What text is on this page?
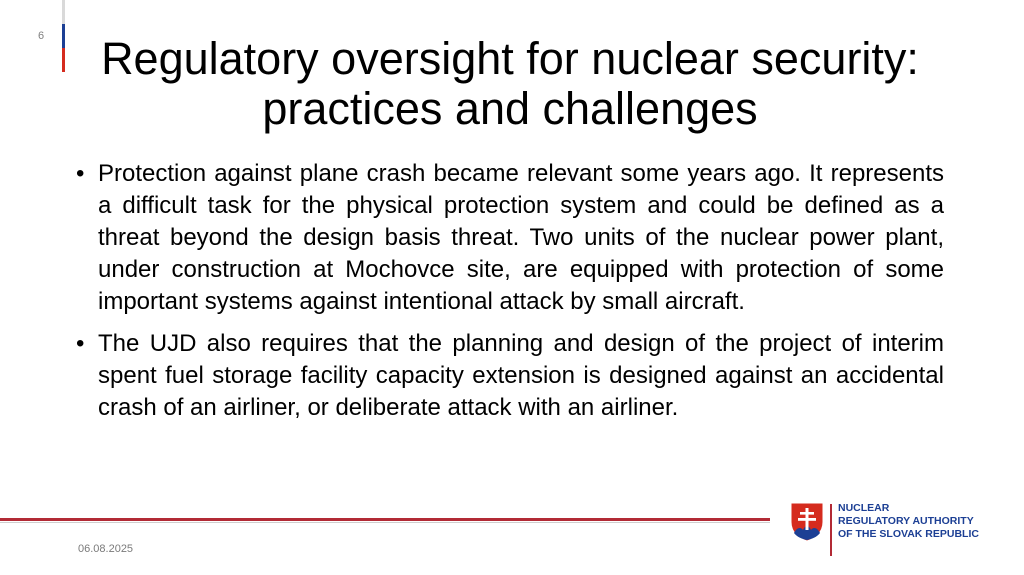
6	Regulatory oversight for nuclear security: practices and challenges
• Protection against plane crash became relevant some years ago. It represents a difficult task for the physical protection system and could be defined as a threat beyond the design basis threat. Two units of the nuclear power plant, under construction at Mochovce site, are equipped with protection of some important systems against intentional attack by small aircraft.
• The UJD also requires that the planning and design of the project of interim spent fuel storage facility capacity extension is designed against an accidental crash of an airliner, or deliberate attack with an airliner.
06.08.2025
NUCLEAR
REGULATORY AUTHORITY
OF THE SLOVAK REPUBLIC
